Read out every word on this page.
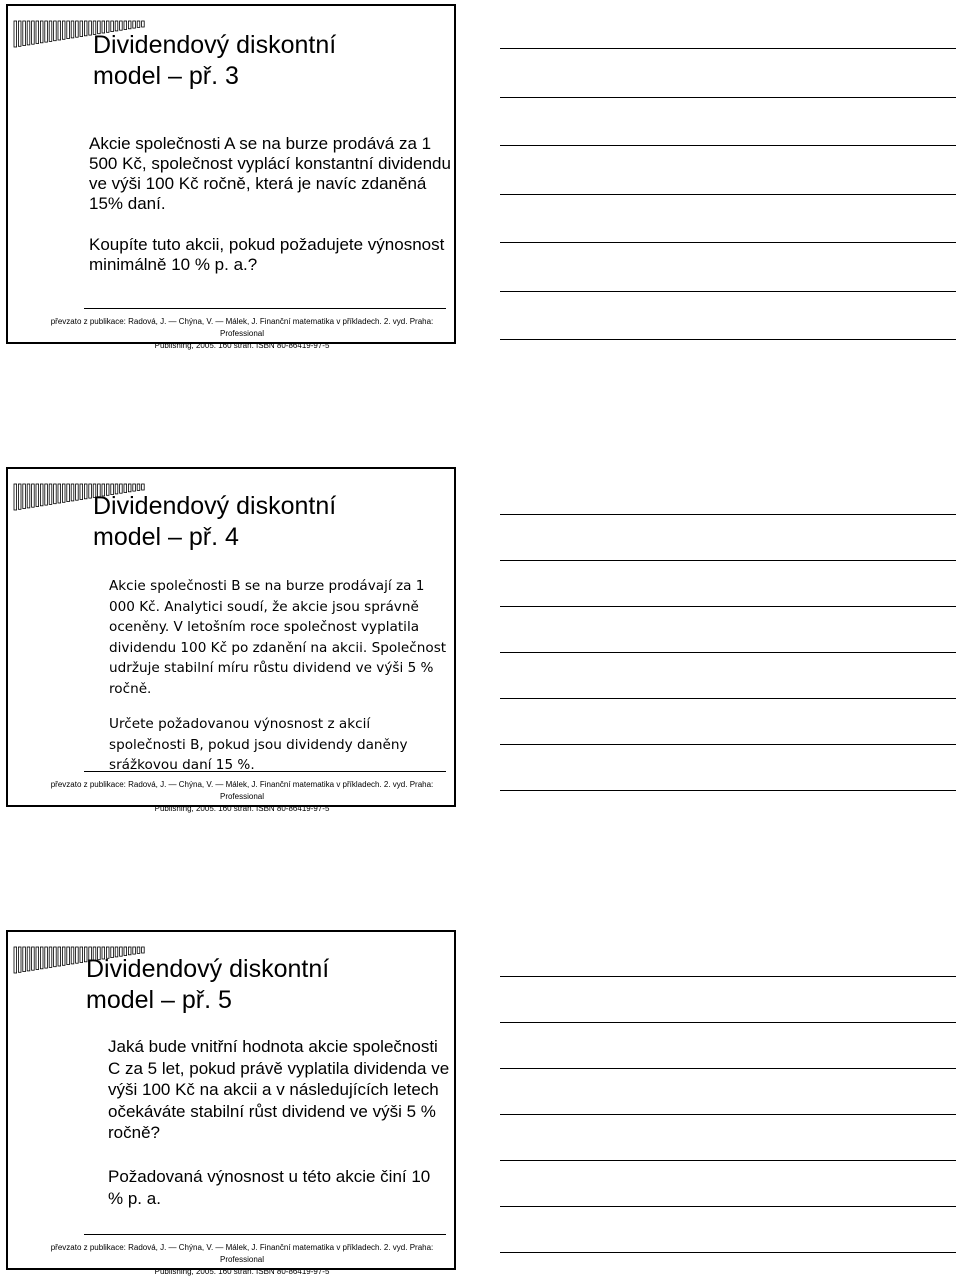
Dividendový diskontní
model – př. 3

Akcie společnosti A se na burze prodává za 1 500 Kč, společnost vyplácí konstantní dividendu ve výši 100 Kč ročně, která je navíc zdaněná 15% daní.

Koupíte tuto akcii, pokud požadujete výnosnost minimálně 10 % p. a.?

převzato z publikace: Radová, J. — Chýna, V. — Málek, J. Finanční matematika v příkladech. 2. vyd. Praha: Professional
Publishing, 2005. 160 stran. ISBN 80-86419-97-5
Dividendový diskontní
model – př. 4

Akcie společnosti B se na burze prodávají za 1 000 Kč. Analytici soudí, že akcie jsou správně oceněny. V letošním roce společnost vyplatila dividendu 100 Kč po zdanění na akcii. Společnost udržuje stabilní míru růstu dividend ve výši 5 % ročně.

Určete požadovanou výnosnost z akcií společnosti B, pokud jsou dividendy daněny srážkovou daní 15 %.

převzato z publikace: Radová, J. — Chýna, V. — Málek, J. Finanční matematika v příkladech. 2. vyd. Praha: Professional
Publishing, 2005. 160 stran. ISBN 80-86419-97-5
Dividendový diskontní
model – př. 5

Jaká bude vnitřní hodnota akcie společnosti C za 5 let, pokud právě vyplatila dividenda ve výši 100 Kč na akcii a v následujících letech očekáváte stabilní růst dividend ve výši 5 % ročně?

Požadovaná výnosnost u této akcie činí 10 % p. a.

převzato z publikace: Radová, J. — Chýna, V. — Málek, J. Finanční matematika v příkladech. 2. vyd. Praha: Professional
Publishing, 2005. 160 stran. ISBN 80-86419-97-5
